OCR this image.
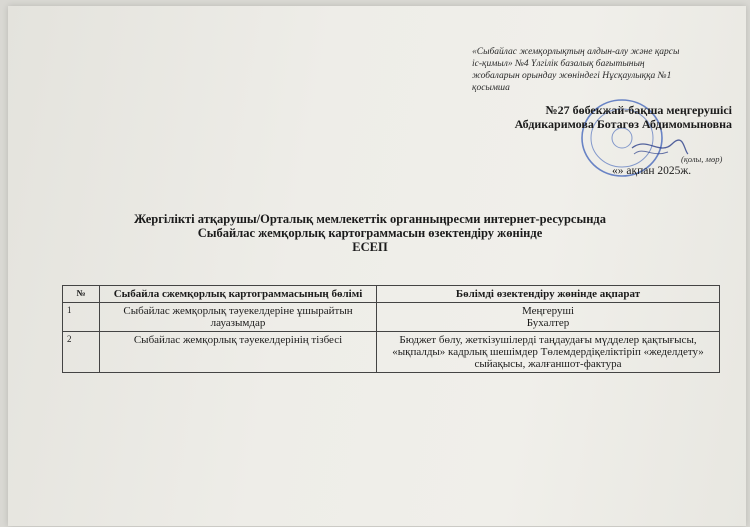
«Сыбайлас жемқорлықтың алдын-алу және қарсы

іс-қимыл» №4 Үлгілік базалық бағытының

жобаларын орындау жөніндегі Нұсқаулыққа №1

қосымша

№27 бөбекжай-бақша меңгерушісі
Абдикаримова Ботагөз Абдимомыновна
(қолы, мөр)
«» ақпан 2025ж.
Жергілікті атқарушы/Орталық мемлекеттік органныңресми интернет-ресурсында
Сыбайлас жемқорлық картограммасын өзектендіру жөнінде
ЕСЕП
№	Сыбайла сжемқорлық картограммасының бөлімі	Бөлімді өзектендіру жөнінде ақпарат
1	Сыбайлас жемқорлық тәуекелдеріне ұшырайтын лауазымдар	Меңгеруші
Бухалтер

2	Сыбайлас жемқорлық тәуекелдерінің тізбесі	Бюджет бөлу, жеткізушілерді таңдаудағы мүдделер қақтығысы, «ықпалды» кадрлық шешімдер Төлемдердіқеліктіріп «жеделдету» сыйақысы, жалғаншот-фактура
